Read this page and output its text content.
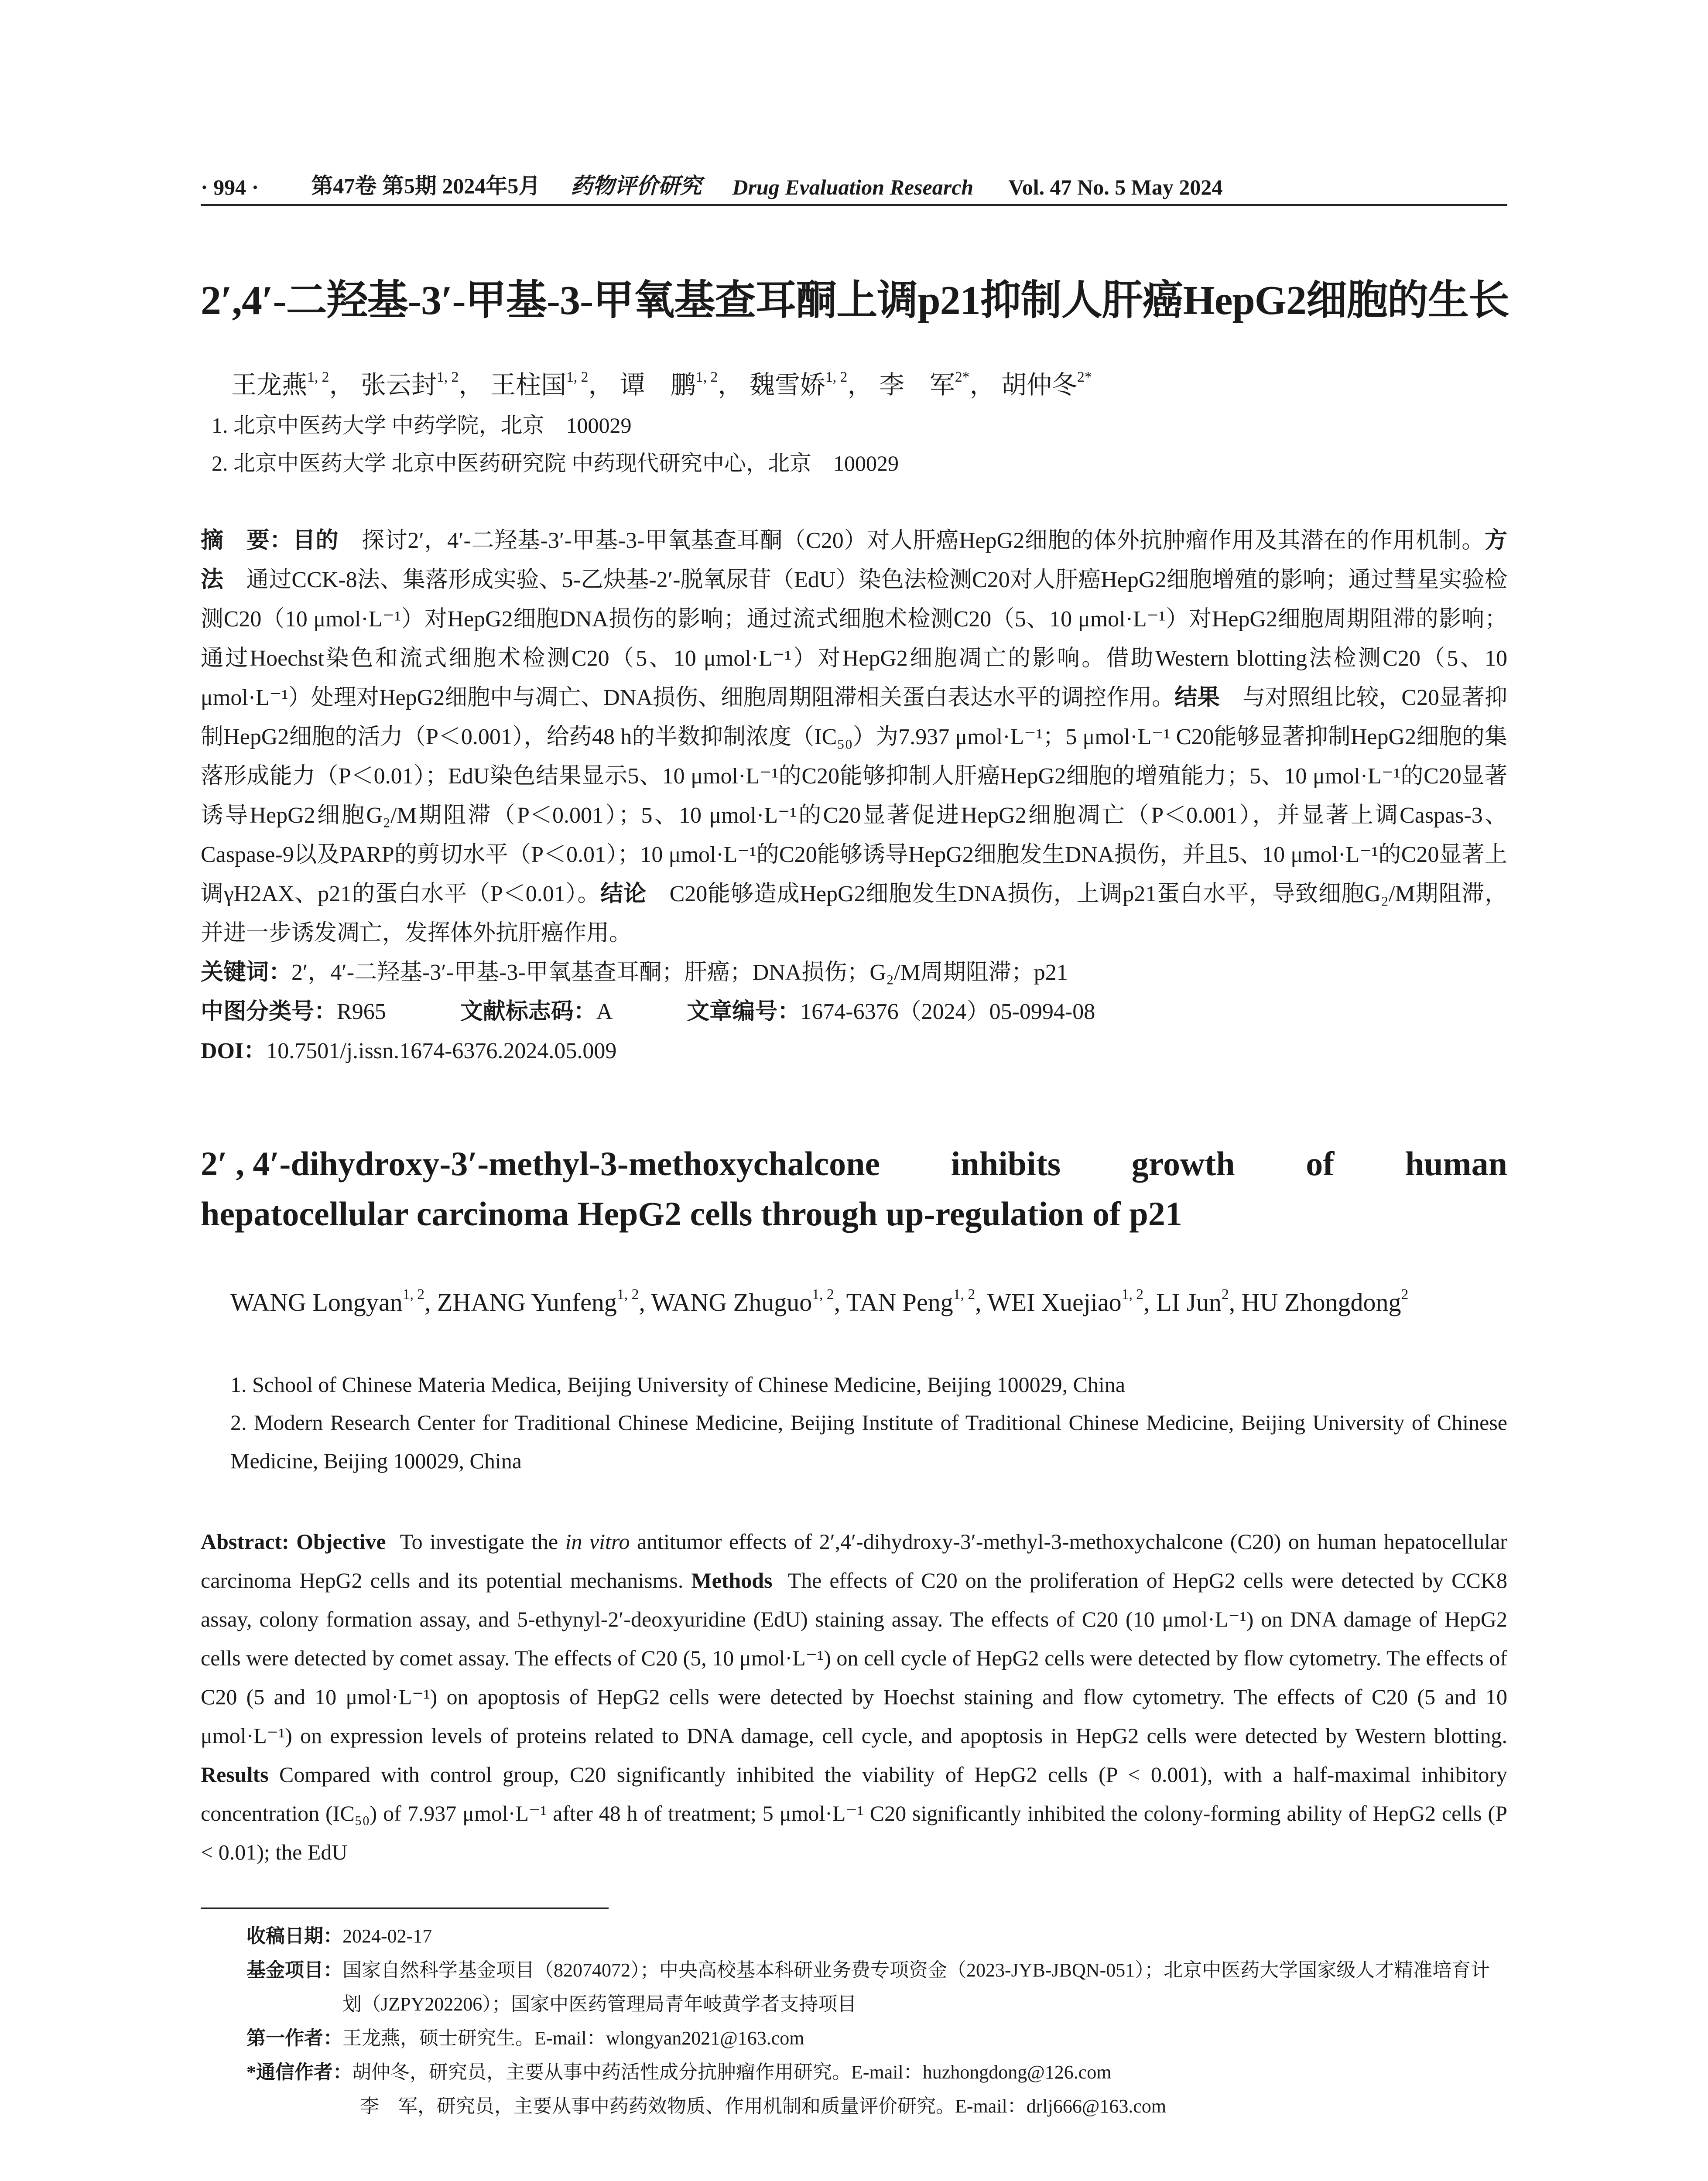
· 994 · 第47卷 第5期 2024年5月 药物评价研究 Drug Evaluation Research Vol. 47 No. 5 May 2024
2′,4′-二羟基-3′-甲基-3-甲氧基查耳酮上调p21抑制人肝癌HepG2细胞的生长
王龙燕$^{1, 2}$， 张云封$^{1, 2}$， 王柱国$^{1, 2}$， 谭　鹏$^{1, 2}$， 魏雪娇$^{1, 2}$， 李　军$^{2*}$， 胡仲冬$^{2*}$
1. 北京中医药大学 中药学院，北京　100029
2. 北京中医药大学 北京中医药研究院 中药现代研究中心，北京　100029

摘　要：目的　 探讨2′，4′-二羟基-3′-甲基-3-甲氧基查耳酮（C20）对人肝癌HepG2细胞的体外抗肿瘤作用及其潜在的作用机制。方法　 通过CCK-8法、集落形成实验、5-乙炔基-2′-脱氧尿苷（EdU）染色法检测C20对人肝癌HepG2细胞增殖的影响；通过彗星实验检测C20（10 μmol·L⁻¹）对HepG2细胞DNA损伤的影响；通过流式细胞术检测C20（5、10 μmol·L⁻¹）对HepG2细胞周期阻滞的影响；通过Hoechst染色和流式细胞术检测C20（5、10 μmol·L⁻¹）对HepG2细胞凋亡的影响。借助Western blotting法检测C20（5、10 μmol·L⁻¹）处理对HepG2细胞中与凋亡、DNA损伤、细胞周期阻滞相关蛋白表达水平的调控作用。结果　 与对照组比较，C20显著抑制HepG2细胞的活力（P＜0.001），给药48 h的半数抑制浓度（IC₅₀）为7.937 μmol·L⁻¹；5 μmol·L⁻¹ C20能够显著抑制HepG2细胞的集落形成能力（P＜0.01）；EdU染色结果显示5、10 μmol·L⁻¹的C20能够抑制人肝癌HepG2细胞的增殖能力；5、10 μmol·L⁻¹的C20显著诱导HepG2细胞G₂/M期阻滞（P＜0.001）；5、10 μmol·L⁻¹的C20显著促进HepG2细胞凋亡（P＜0.001），并显著上调Caspas-3、Caspase-9以及PARP的剪切水平（P＜0.01）；10 μmol·L⁻¹的C20能够诱导HepG2细胞发生DNA损伤，并且5、10 μmol·L⁻¹的C20显著上调γH2AX、p21的蛋白水平（P＜0.01）。结论　 C20能够造成HepG2细胞发生DNA损伤，上调p21蛋白水平，导致细胞G₂/M期阻滞，并进一步诱发凋亡，发挥体外抗肝癌作用。

关键词：2′，4′-二羟基-3′-甲基-3-甲氧基查耳酮；肝癌；DNA损伤；G₂/M周期阻滞；p21

中图分类号：R965	文献标志码：A	文章编号：1674-6376（2024）05-0994-08

DOI：10.7501/j.issn.1674-6376.2024.05.009

2′ , 4′-dihydroxy-3′-methyl-3-methoxychalcone inhibits growth of human
hepatocellular carcinoma HepG2 cells through up-regulation of p21
WANG Longyan$^{1, 2}$, ZHANG Yunfeng$^{1, 2}$, WANG Zhuguo$^{1, 2}$, TAN Peng$^{1, 2}$, WEI Xuejiao$^{1, 2}$, LI Jun$^2$, HU Zhongdong$^2$
1. School of Chinese Materia Medica, Beijing University of Chinese Medicine, Beijing 100029, China
2. Modern Research Center for Traditional Chinese Medicine, Beijing Institute of Traditional Chinese Medicine, Beijing University of Chinese Medicine, Beijing 100029, China

Abstract: Objective To investigate the in vitro antitumor effects of 2′,4′-dihydroxy-3′-methyl-3-methoxychalcone (C20) on human hepatocellular carcinoma HepG2 cells and its potential mechanisms. Methods The effects of C20 on the proliferation of HepG2 cells were detected by CCK8 assay, colony formation assay, and 5-ethynyl-2′-deoxyuridine (EdU) staining assay. The effects of C20 (10 μmol·L⁻¹) on DNA damage of HepG2 cells were detected by comet assay. The effects of C20 (5, 10 μmol·L⁻¹) on cell cycle of HepG2 cells were detected by flow cytometry. The effects of C20 (5 and 10 μmol·L⁻¹) on apoptosis of HepG2 cells were detected by Hoechst staining and flow cytometry. The effects of C20 (5 and 10 μmol·L⁻¹) on expression levels of proteins related to DNA damage, cell cycle, and apoptosis in HepG2 cells were detected by Western blotting. Results Compared with control group, C20 significantly inhibited the viability of HepG2 cells (P < 0.001), with a half-maximal inhibitory concentration (IC₅₀) of 7.937 μmol·L⁻¹ after 48 h of treatment; 5 μmol·L⁻¹ C20 significantly inhibited the colony-forming ability of HepG2 cells (P < 0.01); the EdU

收稿日期： 2024-02-17
基金项目： 国家自然科学基金项目（82074072）；中央高校基本科研业务费专项资金（2023-JYB-JBQN-051）；北京中医药大学国家级人才精准培育计划（JZPY202206）；国家中医药管理局青年岐黄学者支持项目
第一作者： 王龙燕，硕士研究生。E-mail：wlongyan2021@163.com
*通信作者： 胡仲冬，研究员，主要从事中药活性成分抗肿瘤作用研究。E-mail：huzhongdong@126.com
李　军，研究员，主要从事中药药效物质、作用机制和质量评价研究。E-mail：drlj666@163.com
